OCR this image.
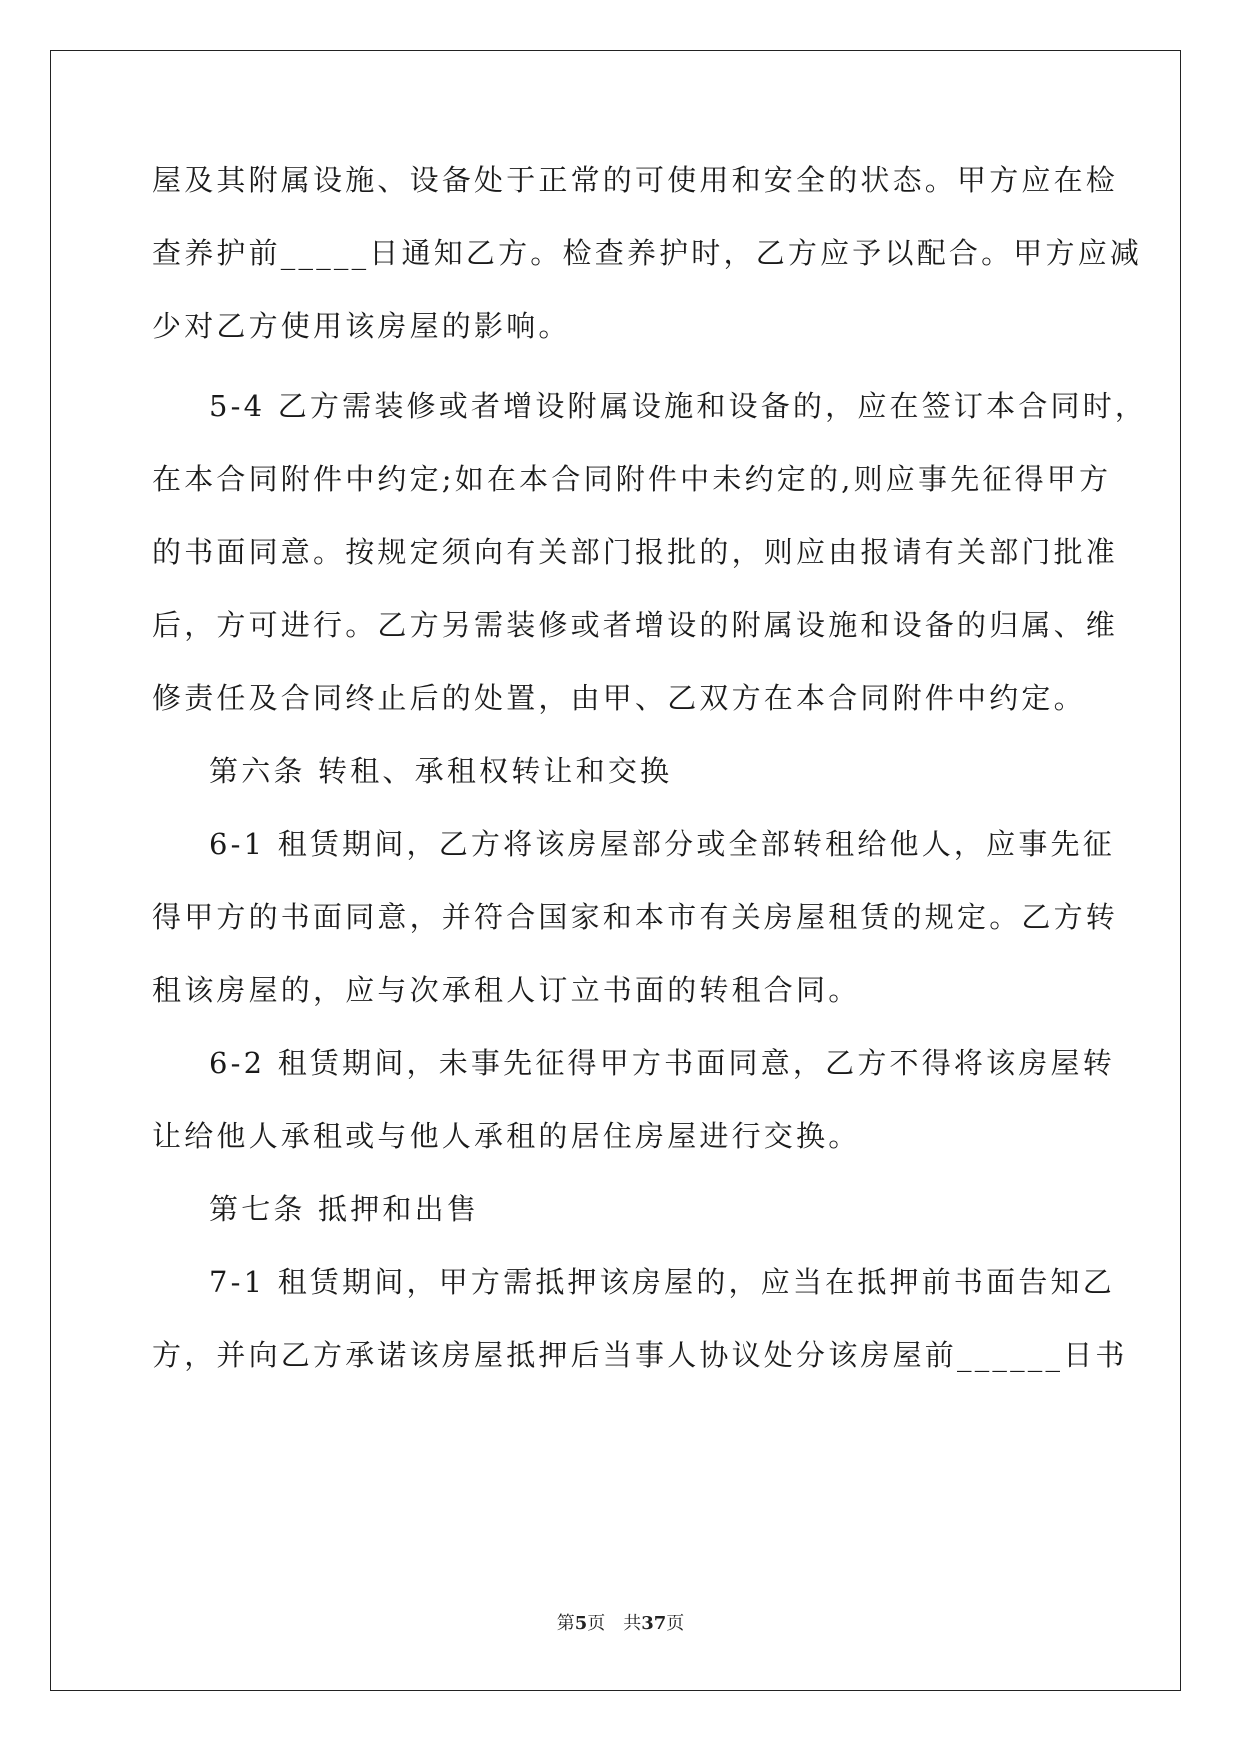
屋及其附属设施、设备处于正常的可使用和安全的状态。甲方应在检
查养护前_____日通知乙方。检查养护时，乙方应予以配合。甲方应减
少对乙方使用该房屋的影响。
5-4 乙方需装修或者增设附属设施和设备的，应在签订本合同时，
在本合同附件中约定;如在本合同附件中未约定的,则应事先征得甲方
的书面同意。按规定须向有关部门报批的，则应由报请有关部门批准
后，方可进行。乙方另需装修或者增设的附属设施和设备的归属、维
修责任及合同终止后的处置，由甲、乙双方在本合同附件中约定。
第六条 转租、承租权转让和交换
6-1 租赁期间，乙方将该房屋部分或全部转租给他人，应事先征
得甲方的书面同意，并符合国家和本市有关房屋租赁的规定。乙方转
租该房屋的，应与次承租人订立书面的转租合同。
6-2 租赁期间，未事先征得甲方书面同意，乙方不得将该房屋转
让给他人承租或与他人承租的居住房屋进行交换。
第七条 抵押和出售
7-1 租赁期间，甲方需抵押该房屋的，应当在抵押前书面告知乙
方，并向乙方承诺该房屋抵押后当事人协议处分该房屋前______日书
第5页　共37页
